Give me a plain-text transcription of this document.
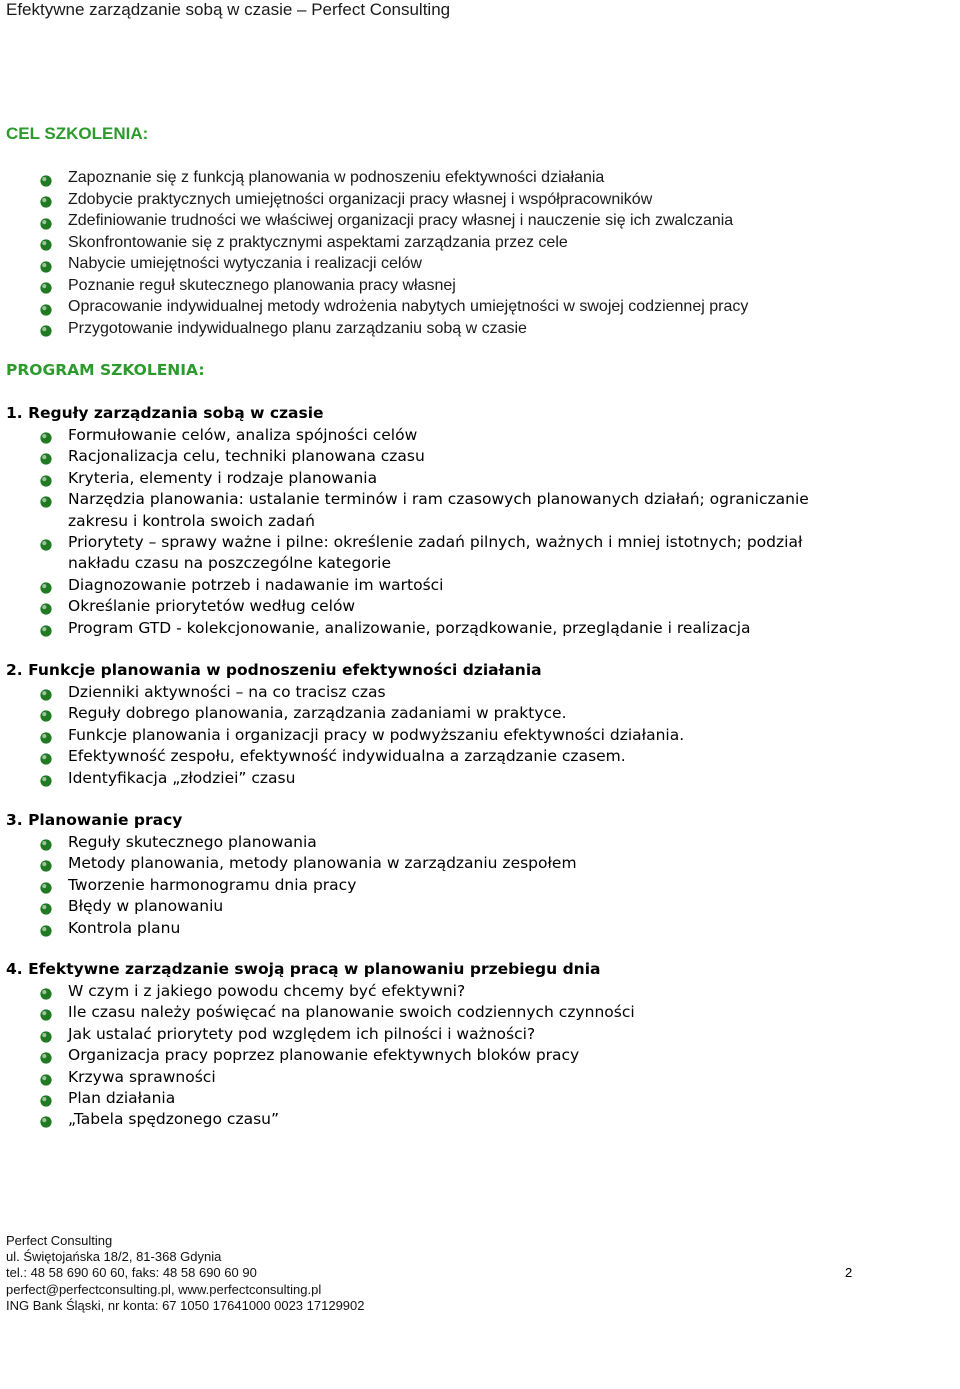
Efektywne zarządzanie sobą w czasie – Perfect Consulting
CEL SZKOLENIA:
Zapoznanie się z funkcją planowania w podnoszeniu efektywności działania
Zdobycie praktycznych umiejętności organizacji pracy własnej i współpracowników
Zdefiniowanie trudności we właściwej organizacji pracy własnej i nauczenie się ich zwalczania
Skonfrontowanie się z praktycznymi aspektami zarządzania przez cele
Nabycie umiejętności wytyczania i realizacji celów
Poznanie reguł skutecznego planowania pracy własnej
Opracowanie indywidualnej metody wdrożenia nabytych umiejętności w swojej codziennej pracy
Przygotowanie indywidualnego planu zarządzaniu sobą w czasie
PROGRAM SZKOLENIA:
1. Reguły zarządzania sobą w czasie
Formułowanie celów, analiza spójności celów
Racjonalizacja celu, techniki planowana czasu
Kryteria, elementy i rodzaje planowania
Narzędzia planowania: ustalanie terminów i ram czasowych planowanych działań; ograniczanie zakresu i kontrola swoich zadań
Priorytety – sprawy ważne i pilne: określenie zadań pilnych, ważnych i mniej istotnych; podział nakładu czasu na poszczególne kategorie
Diagnozowanie potrzeb i nadawanie im wartości
Określanie priorytetów według celów
Program GTD - kolekcjonowanie, analizowanie, porządkowanie, przeglądanie i realizacja
2. Funkcje planowania w podnoszeniu efektywności działania
Dzienniki aktywności – na co tracisz czas
Reguły dobrego planowania, zarządzania zadaniami w praktyce.
Funkcje planowania i organizacji pracy w podwyższaniu efektywności działania.
Efektywność zespołu, efektywność indywidualna a zarządzanie czasem.
Identyfikacja „złodziei” czasu
3. Planowanie pracy
Reguły skutecznego planowania
Metody planowania, metody planowania w zarządzaniu zespołem
Tworzenie harmonogramu dnia pracy
Błędy w planowaniu
Kontrola planu
4. Efektywne zarządzanie swoją pracą w planowaniu przebiegu dnia
W czym i z jakiego powodu chcemy być efektywni?
Ile czasu należy poświęcać na planowanie swoich codziennych czynności
Jak ustalać priorytety pod względem ich pilności i ważności?
Organizacja pracy poprzez planowanie efektywnych bloków pracy
Krzywa sprawności
Plan działania
„Tabela spędzonego czasu”
Perfect Consulting
ul. Świętojańska 18/2, 81-368 Gdynia
tel.: 48 58 690 60 60, faks: 48 58 690 60 90
perfect@perfectconsulting.pl, www.perfectconsulting.pl
ING Bank Śląski, nr konta: 67 1050 17641000 0023 17129902
2
